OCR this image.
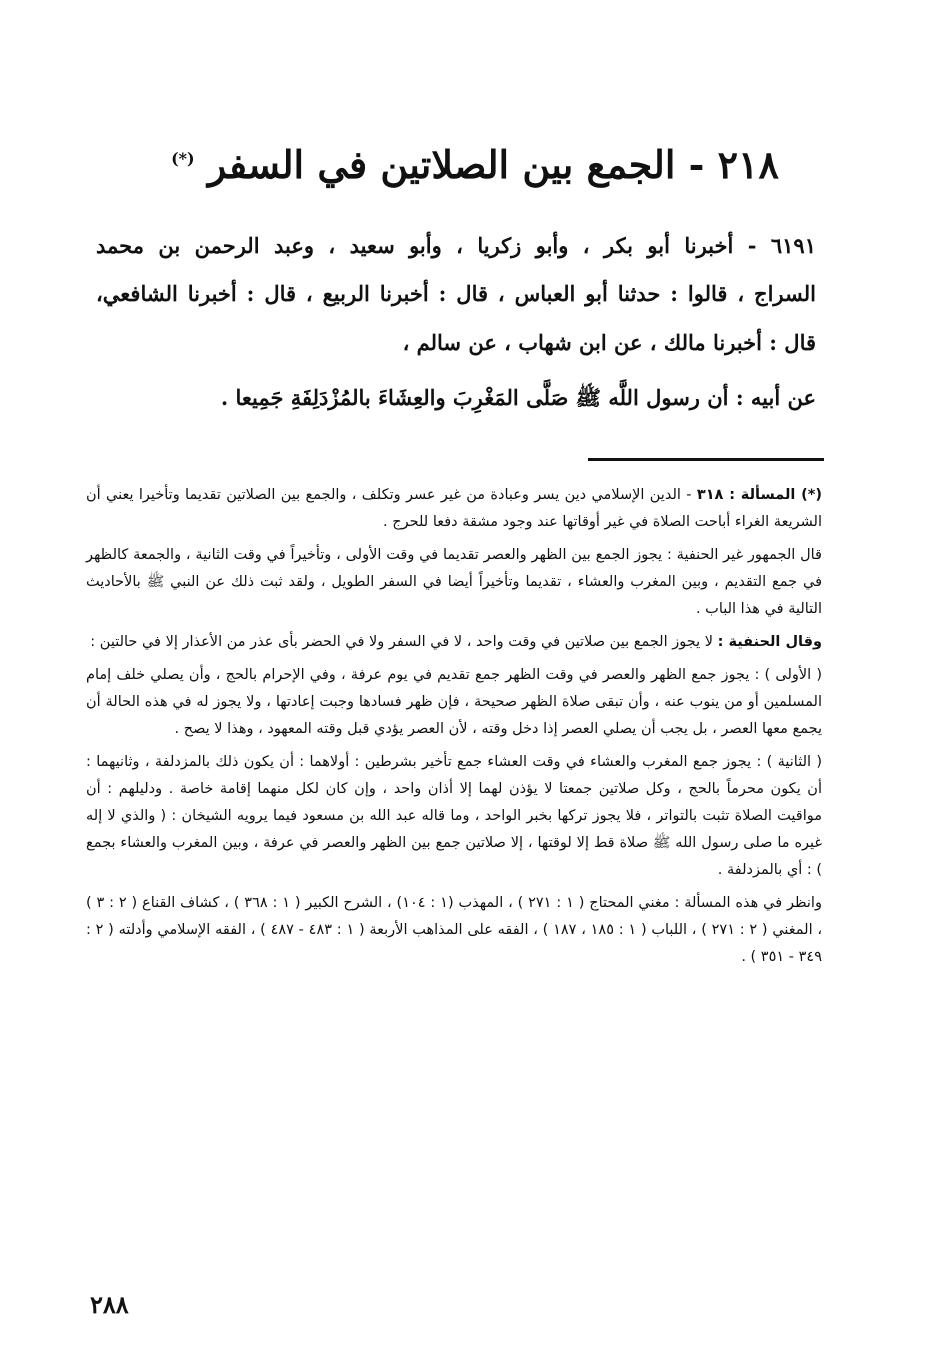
٢١٨ - الجمع بين الصلاتين في السفر (*)
٦١٩١ - أخبرنا أبو بكر ، وأبو زكريا ، وأبو سعيد ، وعبد الرحمن بن محمد
السراج ، قالوا : حدثنا أبو العباس ، قال : أخبرنا الربيع ، قال : أخبرنا الشافعي،
قال : أخبرنا مالك ، عن ابن شهاب ، عن سالم ،
عن أبيه : أن رسول اللَّه ﷺ صَلَّى المَغْرِبَ والعِشَاءَ بالمُزْدَلِفَةِ جَمِيعا .

(*) المسألة : ٣١٨ - الدين الإسلامي دين يسر وعبادة من غير عسر وتكلف ، والجمع بين الصلاتين تقديما وتأخيرا يعني أن الشريعة الغراء أباحت الصلاة في غير أوقاتها عند وجود مشقة دفعا للحرج .

قال الجمهور غير الحنفية : يجوز الجمع بين الظهر والعصر تقديما في وقت الأولى ، وتأخيراً في وقت الثانية ، والجمعة كالظهر في جمع التقديم ، وبين المغرب والعشاء ، تقديما وتأخيراً أيضا في السفر الطويل ، ولقد ثبت ذلك عن النبي ﷺ بالأحاديث التالية في هذا الباب .

وقال الحنفية : لا يجوز الجمع بين صلاتين في وقت واحد ، لا في السفر ولا في الحضر بأى عذر من الأعذار إلا في حالتين :

( الأولى ) : يجوز جمع الظهر والعصر في وقت الظهر جمع تقديم في يوم عرفة ، وفي الإحرام بالحج ، وأن يصلي خلف إمام المسلمين أو من ينوب عنه ، وأن تبقى صلاة الظهر صحيحة ، فإن ظهر فسادها وجبت إعادتها ، ولا يجوز له في هذه الحالة أن يجمع معها العصر ، بل يجب أن يصلي العصر إذا دخل وقته ، لأن العصر يؤدي قبل وقته المعهود ، وهذا لا يصح .

( الثانية ) : يجوز جمع المغرب والعشاء في وقت العشاء جمع تأخير بشرطين : أولاهما : أن يكون ذلك بالمزدلفة ، وثانيهما : أن يكون محرماً بالحج ، وكل صلاتين جمعتا لا يؤذن لهما إلا أذان واحد ، وإن كان لكل منهما إقامة خاصة . ودليلهم : أن مواقيت الصلاة تثبت بالتواتر ، فلا يجوز تركها بخبر الواحد ، وما قاله عبد الله بن مسعود فيما يرويه الشيخان : ( والذي لا إله غيره ما صلى رسول الله ﷺ صلاة قط إلا لوقتها ، إلا صلاتين جمع بين الظهر والعصر في عرفة ، وبين المغرب والعشاء بجمع ) : أي بالمزدلفة .

وانظر في هذه المسألة : مغني المحتاج ( ١ : ٢٧١ ) ، المهذب (١ : ١٠٤) ، الشرح الكبير ( ١ : ٣٦٨ ) ، كشاف القناع ( ٢ : ٣ ) ، المغني ( ٢ : ٢٧١ ) ، اللباب ( ١ : ١٨٥ ، ١٨٧ ) ، الفقه على المذاهب الأربعة ( ١ : ٤٨٣ - ٤٨٧ ) ، الفقه الإسلامي وأدلته ( ٢ : ٣٤٩ - ٣٥١ ) .

٢٨٨
